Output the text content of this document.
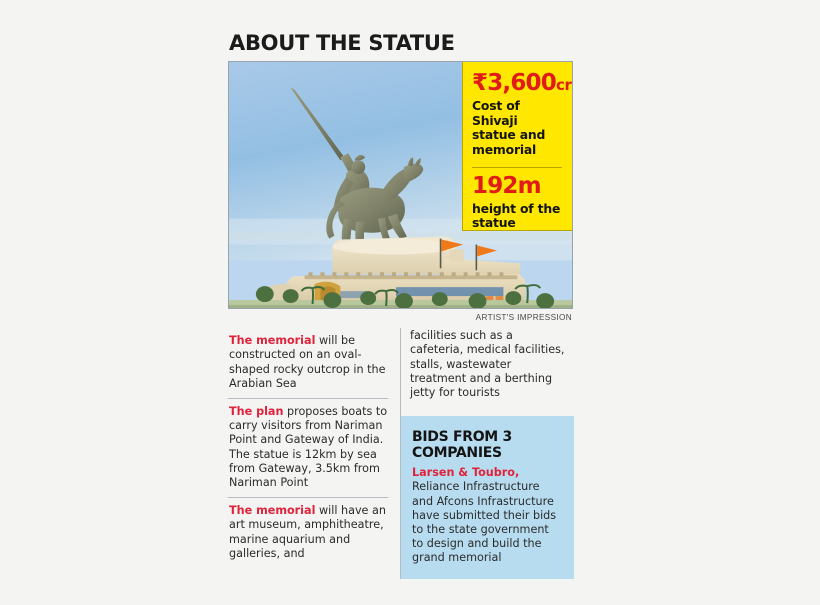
ABOUT THE STATUE
₹3,600cr
Cost of Shivaji statue and memorial
192m
height of the statue
ARTIST'S IMPRESSION

The memorial will be constructed on an oval-shaped rocky outcrop in the Arabian Sea

The plan proposes boats to carry visitors from Nariman Point and Gateway of India. The statue is 12km by sea from Gateway, 3.5km from Nariman Point

The memorial will have an art museum, amphitheatre, marine aquarium and galleries, and

facilities such as a cafeteria, medical facilities, stalls, wastewater treatment and a berthing jetty for tourists

BIDS FROM 3 COMPANIES

Larsen & Toubro, Reliance Infrastructure and Afcons Infrastructure have submitted their bids to the state government to design and build the grand memorial
